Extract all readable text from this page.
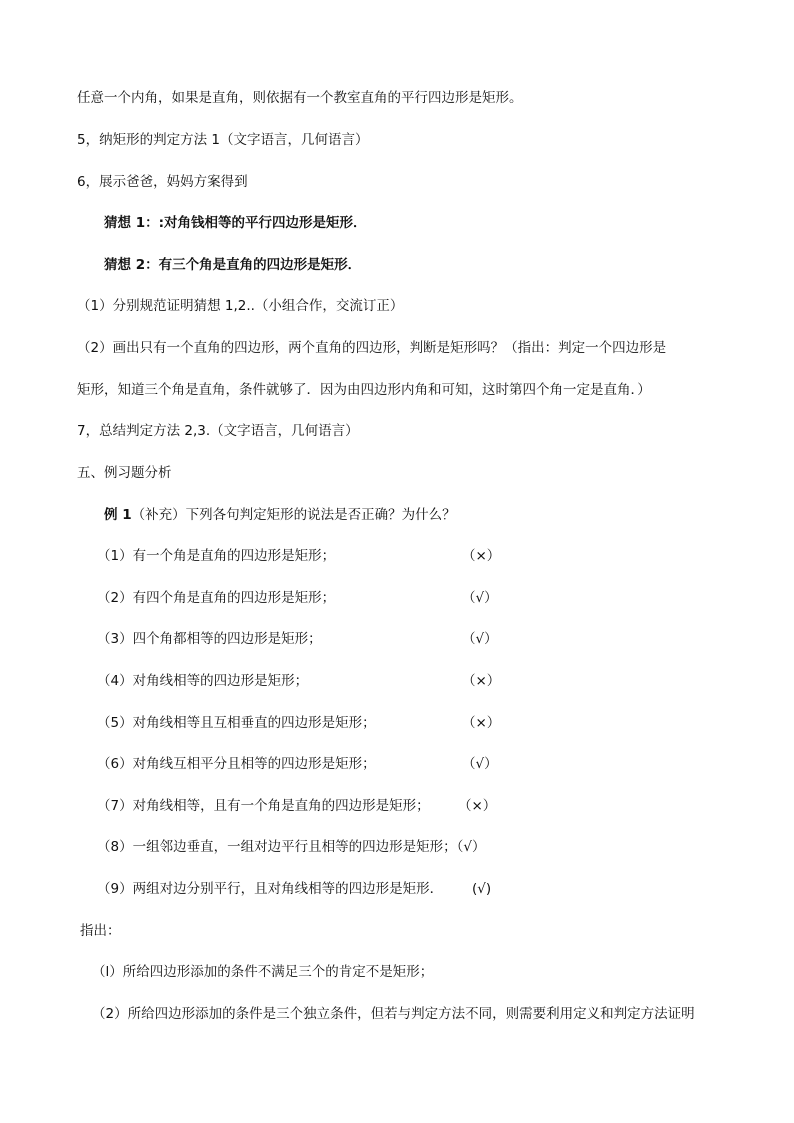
任意一个内角，如果是直角，则依据有一个教室直角的平行四边形是矩形。
5，纳矩形的判定方法 1（文字语言，几何语言）
6，展示爸爸，妈妈方案得到
猜想 1：:对角钱相等的平行四边形是矩形．
猜想 2：有三个角是直角的四边形是矩形．
（1）分别规范证明猜想 1,2..（小组合作，交流订正）
（2）画出只有一个直角的四边形，两个直角的四边形，判断是矩形吗？（指出：判定一个四边形是
矩形，知道三个角是直角，条件就够了．因为由四边形内角和可知，这时第四个角一定是直角．）
7，总结判定方法 2,3.（文字语言，几何语言）
五、例习题分析
例 1（补充）下列各句判定矩形的说法是否正确？为什么？
（1）有一个角是直角的四边形是矩形；	（×）
（2）有四个角是直角的四边形是矩形；	（√）
（3）四个角都相等的四边形是矩形；	（√）
（4）对角线相等的四边形是矩形；	（×）
（5）对角线相等且互相垂直的四边形是矩形；	（×）
（6）对角线互相平分且相等的四边形是矩形；	（√）
（7）对角线相等，且有一个角是直角的四边形是矩形； （×）
（8）一组邻边垂直，一组对边平行且相等的四边形是矩形；（√）
（9）两组对边分别平行，且对角线相等的四边形是矩形． (√)
指出：
（l）所给四边形添加的条件不满足三个的肯定不是矩形；
（2）所给四边形添加的条件是三个独立条件，但若与判定方法不同，则需要利用定义和判定方法证明
